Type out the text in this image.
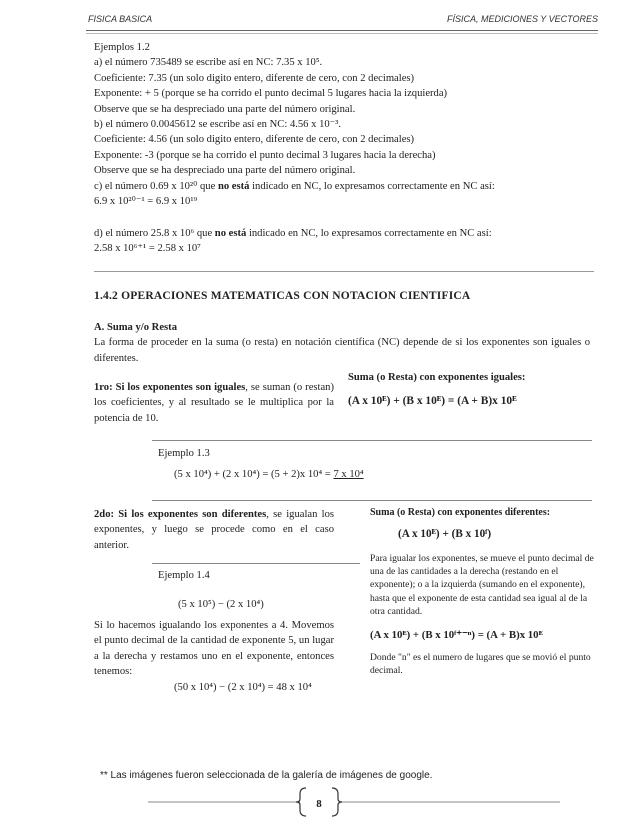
FISICA BASICA	FÍSICA, MEDICIONES Y VECTORES

Ejemplos 1.2

a) el número 735489 se escribe así en NC: 7.35 x 10⁵.

Coeficiente: 7.35 (un solo digito entero, diferente de cero, con 2 decimales)

Exponente: + 5 (porque se ha corrido el punto decimal 5 lugares hacia la izquierda)

Observe que se ha despreciado una parte del número original.

b) el número 0.0045612 se escribe así en NC: 4.56 x 10⁻³.

Coeficiente: 4.56 (un solo digito entero, diferente de cero, con 2 decimales)

Exponente: -3 (porque se ha corrido el punto decimal 3 lugares hacia la derecha)

Observe que se ha despreciado una parte del número original.

c) el número 0.69 x 10²⁰ que no está indicado en NC, lo expresamos correctamente en NC así:

6.9 x 10²⁰⁻¹ = 6.9 x 10¹⁹

d) el número 25.8 x 10⁶ que no está indicado en NC, lo expresamos correctamente en NC así:

2.58 x 10⁶⁺¹ = 2.58 x 10⁷

1.4.2 OPERACIONES MATEMATICAS CON NOTACION CIENTIFICA

A. Suma y/o Resta

La forma de proceder en la suma (o resta) en notación científica (NC) depende de si los exponentes son iguales o diferentes.

1ro: Si los exponentes son iguales, se suman (o restan) los coeficientes, y al resultado se le multiplica por la potencia de 10.
Suma (o Resta) con exponentes iguales:
(A x 10ᴱ) + (B x 10ᴱ) = (A + B)x 10ᴱ

Ejemplo 1.3

(5 x 10⁴) + (2 x 10⁴) = (5 + 2)x 10⁴ = 7 x 10⁴

2do: Si los exponentes son diferentes, se igualan los exponentes, y luego se procede como en el caso anterior.
Suma (o Resta) con exponentes diferentes:
(A x 10ᴱ) + (B x 10ᶠ)
Para igualar los exponentes, se mueve el punto decimal de una de las cantidades a la derecha (restando en el exponente); o a la izquierda (sumando en el exponente), hasta que el exponente de esta cantidad sea igual al de la otra cantidad.
(A x 10ᴱ) + (B x 10ᶠ⁺⁻ⁿ) = (A + B)x 10ᴱ
Donde "n" es el numero de lugares que se movió el punto decimal.

Ejemplo 1.4

(5 x 10⁵) − (2 x 10⁴)

Si lo hacemos igualando los exponentes a 4. Movemos el punto decimal de la cantidad de exponente 5, un lugar a la derecha y restamos uno en el exponente, entonces tenemos:

(50 x 10⁴) − (2 x 10⁴) = 48 x 10⁴

** Las imágenes fueron seleccionada de la galería de imágenes de google.
8
